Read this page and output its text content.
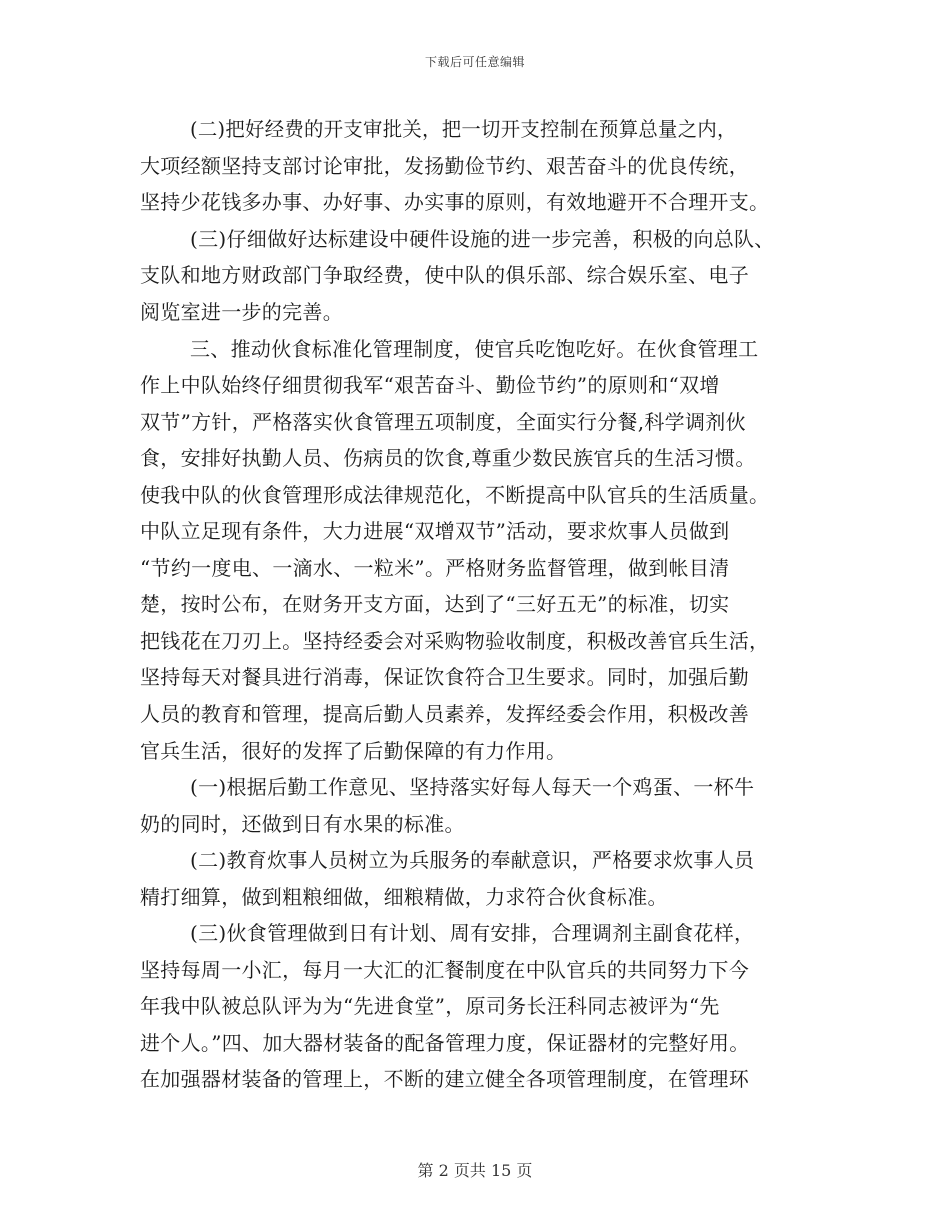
下载后可任意编辑
(二)把好经费的开支审批关，把一切开支控制在预算总量之内，
大项经额坚持支部讨论审批，发扬勤俭节约、艰苦奋斗的优良传统，
坚持少花钱多办事、办好事、办实事的原则，有效地避开不合理开支。
(三)仔细做好达标建设中硬件设施的进一步完善，积极的向总队、
支队和地方财政部门争取经费，使中队的俱乐部、综合娱乐室、电子
阅览室进一步的完善。
三、推动伙食标准化管理制度，使官兵吃饱吃好。在伙食管理工
作上中队始终仔细贯彻我军“艰苦奋斗、勤俭节约”的原则和“双增
双节”方针，严格落实伙食管理五项制度，全面实行分餐,科学调剂伙
食，安排好执勤人员、伤病员的饮食,尊重少数民族官兵的生活习惯。
使我中队的伙食管理形成法律规范化，不断提高中队官兵的生活质量。
中队立足现有条件，大力进展“双增双节”活动，要求炊事人员做到
“节约一度电、一滴水、一粒米”。严格财务监督管理，做到帐目清
楚，按时公布，在财务开支方面，达到了“三好五无”的标准，切实
把钱花在刀刃上。坚持经委会对采购物验收制度，积极改善官兵生活，
坚持每天对餐具进行消毒，保证饮食符合卫生要求。同时，加强后勤
人员的教育和管理，提高后勤人员素养，发挥经委会作用，积极改善
官兵生活，很好的发挥了后勤保障的有力作用。
(一)根据后勤工作意见、坚持落实好每人每天一个鸡蛋、一杯牛
奶的同时，还做到日有水果的标准。
(二)教育炊事人员树立为兵服务的奉献意识，严格要求炊事人员
精打细算，做到粗粮细做，细粮精做，力求符合伙食标准。
(三)伙食管理做到日有计划、周有安排，合理调剂主副食花样，
坚持每周一小汇，每月一大汇的汇餐制度在中队官兵的共同努力下今
年我中队被总队评为为“先进食堂”，原司务长汪科同志被评为“先
进个人。”四、加大器材装备的配备管理力度，保证器材的完整好用。
在加强器材装备的管理上，不断的建立健全各项管理制度，在管理环
第 2 页共 15 页
